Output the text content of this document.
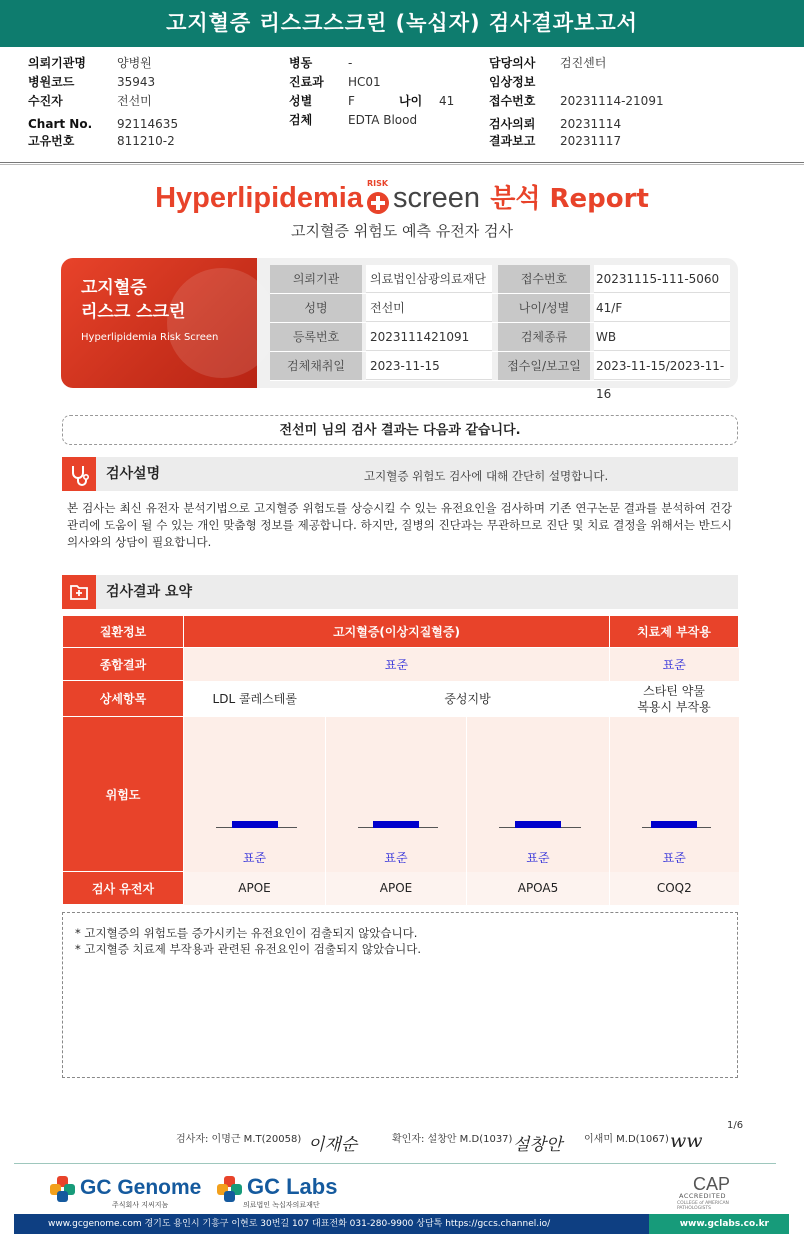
고지혈증 리스크스크린 (녹십자) 검사결과보고서
의뢰기관명	양병원
병원코드	35943
수진자	전선미
Chart No.	92114635
고유번호	811210-2
병동	-
진료과	HC01
성별	F	나이	41
검체	EDTA Blood
담당의사	검진센터
임상정보
접수번호	20231114-21091
검사의뢰	20231114
결과보고	20231117
Hyperlipidemia RISK screen 분석 Report
고지혈증 위험도 예측 유전자 검사
고지혈증
리스크 스크린
Hyperlipidemia Risk Screen
의뢰기관	의료법인삼광의료재단	접수번호	20231115-111-5060
성명	전선미	나이/성별	41/F
등록번호	2023111421091	검체종류	WB
검체채취일	2023-11-15	접수일/보고일	2023-11-15/2023-11-16
전선미 님의 검사 결과는 다음과 같습니다.
검사설명	고지혈증 위험도 검사에 대해 간단히 설명합니다.
본 검사는 최신 유전자 분석기법으로 고지혈증 위험도를 상승시킬 수 있는 유전요인을 검사하며 기존 연구논문 결과를 분석하여 건강 관리에 도움이 될 수 있는 개인 맞춤형 정보를 제공합니다. 하지만, 질병의 진단과는 무관하므로 진단 및 치료 결정을 위해서는 반드시 의사와의 상담이 필요합니다.
검사결과 요약
질환정보	고지혈증(이상지질혈증)			치료제 부작용
종합결과	표준			표준
상세항목	LDL 콜레스테롤	중성지방		스타틴 약물
복용시 부작용
위험도	표준	표준	표준	표준

검사 유전자	APOE	APOE	APOA5	COQ2
* 고지혈증의 위험도를 증가시키는 유전요인이 검출되지 않았습니다.
* 고지혈증 치료제 부작용과 관련된 유전요인이 검출되지 않았습니다.
검사자: 이명근 M.T(20058) 이재순	확인자: 설창안 M.D(1037) 설창안 이새미 M.D(1067) ww
1/6
GC Genome
주식회사 지씨지놈
GC Labs
의료법인 녹십자의료재단
CAP
ACCREDITED
COLLEGE of AMERICAN PATHOLOGISTS
www.gcgenome.com 경기도 용인시 기흥구 이현로 30번길 107 대표전화 031-280-9900 상담톡 https://gccs.channel.io/	www.gclabs.co.kr
